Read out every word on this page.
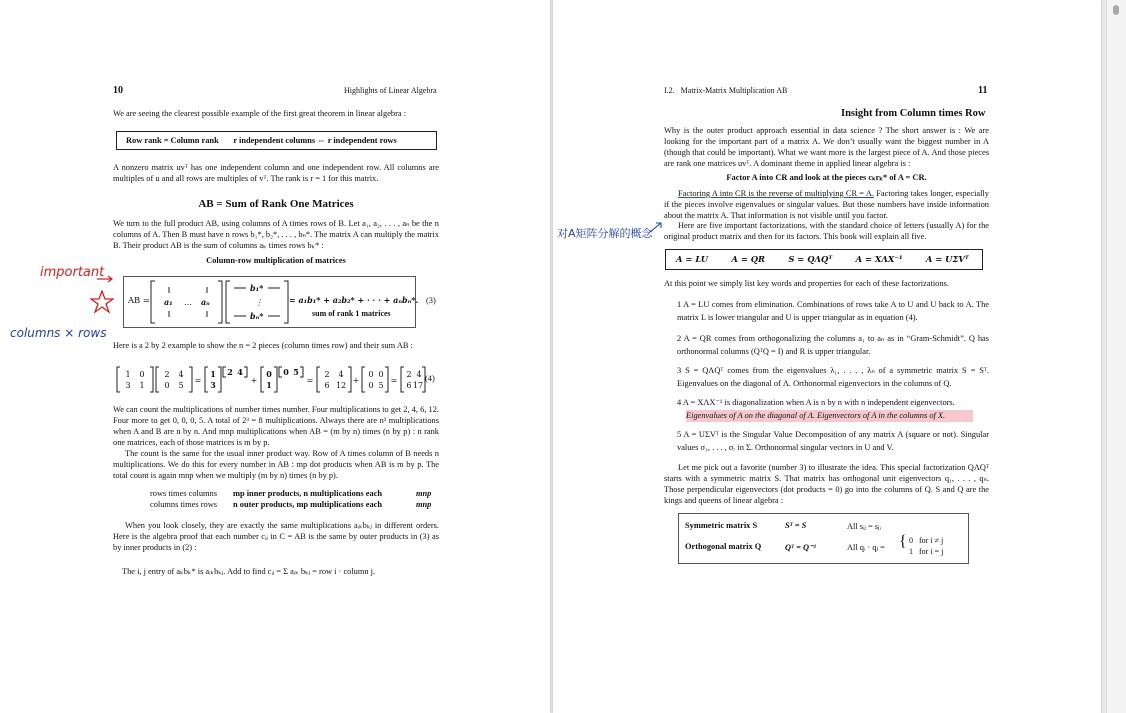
10	Highlights of Linear Algebra
We are seeing the clearest possible example of the first great theorem in linear algebra :
Row rank = Column rank       r independent columns ⇔ r independent rows
A nonzero matrix uvᵀ has one independent column and one independent row. All columns are multiples of u and all rows are multiples of vᵀ. The rank is r = 1 for this matrix.
AB = Sum of Rank One Matrices
We turn to the full product AB, using columns of A times rows of B. Let a₁, a₂, . . . , aₙ be the n columns of A. Then B must have n rows b₁*, b₂*, . . . , bₙ*. The matrix A can multiply the matrix B. Their product AB is the sum of columns aₖ times rows bₖ* :
Column-row multiplication of matrices
AB = a₁ … aₙ
b₁*
⋮
bₙ*
= a₁b₁* + a₂b₂* + · · · + aₙbₙ*.
sum of rank 1 matrices
(3)
Here is a 2 by 2 example to show the n = 2 pieces (column times row) and their sum AB :
1 0
3 1
2 4
0 5
=
1
3
2 4
+
0
1
0 5
=
2 4
6 12
+
0 0
0 5
=
2 4
6 17
(4)
We can count the multiplications of number times number. Four multiplications to get 2, 4, 6, 12. Four more to get 0, 0, 0, 5. A total of 2³ = 8 multiplications. Always there are n³ multiplications when A and B are n by n. And mnp multiplications when AB = (m by n) times (n by p) : n rank one matrices, each of those matrices is m by p.
The count is the same for the usual inner product way. Row of A times column of B needs n multiplications. We do this for every number in AB : mp dot products when AB is m by p. The total count is again mnp when we multiply (m by n) times (n by p).
rows times columns mp inner products, n multiplications each	mnp
columns times rows n outer products, mp multiplications each	mnp
When you look closely, they are exactly the same multiplications aᵢₖbₖⱼ in different orders. Here is the algebra proof that each number cᵢⱼ in C = AB is the same by outer products in (3) as by inner products in (2) :
The i, j entry of aₖbₖ* is aᵢₖbₖⱼ. Add to find cᵢⱼ = Σ aᵢₖ bₖⱼ = row i · column j.
important
columns × rows
I.2.   Matrix-Matrix Multiplication AB	11
Insight from Column times Row
Why is the outer product approach essential in data science ? The short answer is : We are looking for the important part of a matrix A. We don’t usually want the biggest number in A (though that could be important). What we want more is the largest piece of A. And those pieces are rank one matrices uvᵀ. A dominant theme in applied linear algebra is :
Factor A into CR and look at the pieces cₖrₖ* of A = CR.
Factoring A into CR is the reverse of multiplying CR = A. Factoring takes longer, especially if the pieces involve eigenvalues or singular values. But those numbers have inside information about the matrix A. That information is not visible until you factor.
Here are five important factorizations, with the standard choice of letters (usually A) for the original product matrix and then for its factors. This book will explain all five.
A = LU        A = QR        S = QΛQᵀ        A = XΛX⁻¹        A = UΣVᵀ
At this point we simply list key words and properties for each of these factorizations.
1 A = LU comes from elimination. Combinations of rows take A to U and U back to A. The matrix L is lower triangular and U is upper triangular as in equation (4).
2 A = QR comes from orthogonalizing the columns a₁ to aₙ as in “Gram-Schmidt”. Q has orthonormal columns (QᵀQ = I) and R is upper triangular.
3 S = QΛQᵀ comes from the eigenvalues λ₁, . . . , λₙ of a symmetric matrix S = Sᵀ. Eigenvalues on the diagonal of Λ. Orthonormal eigenvectors in the columns of Q.
4 A = XΛX⁻¹ is diagonalization when A is n by n with n independent eigenvectors.
Eigenvalues of A on the diagonal of Λ. Eigenvectors of A in the columns of X.
5 A = UΣVᵀ is the Singular Value Decomposition of any matrix A (square or not). Singular values σ₁, . . . , σᵣ in Σ. Orthonormal singular vectors in U and V.
Let me pick out a favorite (number 3) to illustrate the idea. This special factorization QΛQᵀ starts with a symmetric matrix S. That matrix has orthogonal unit eigenvectors q₁, . . . , qₙ. Those perpendicular eigenvectors (dot products = 0) go into the columns of Q. S and Q are the kings and queens of linear algebra :
Symmetric matrix S	Sᵀ = S	All sᵢⱼ = sⱼᵢ
Orthogonal matrix Q	Qᵀ = Q⁻¹	All qᵢ · qⱼ = { 0   for i ≠ j
1   for i = j
对A矩阵分解的概念
